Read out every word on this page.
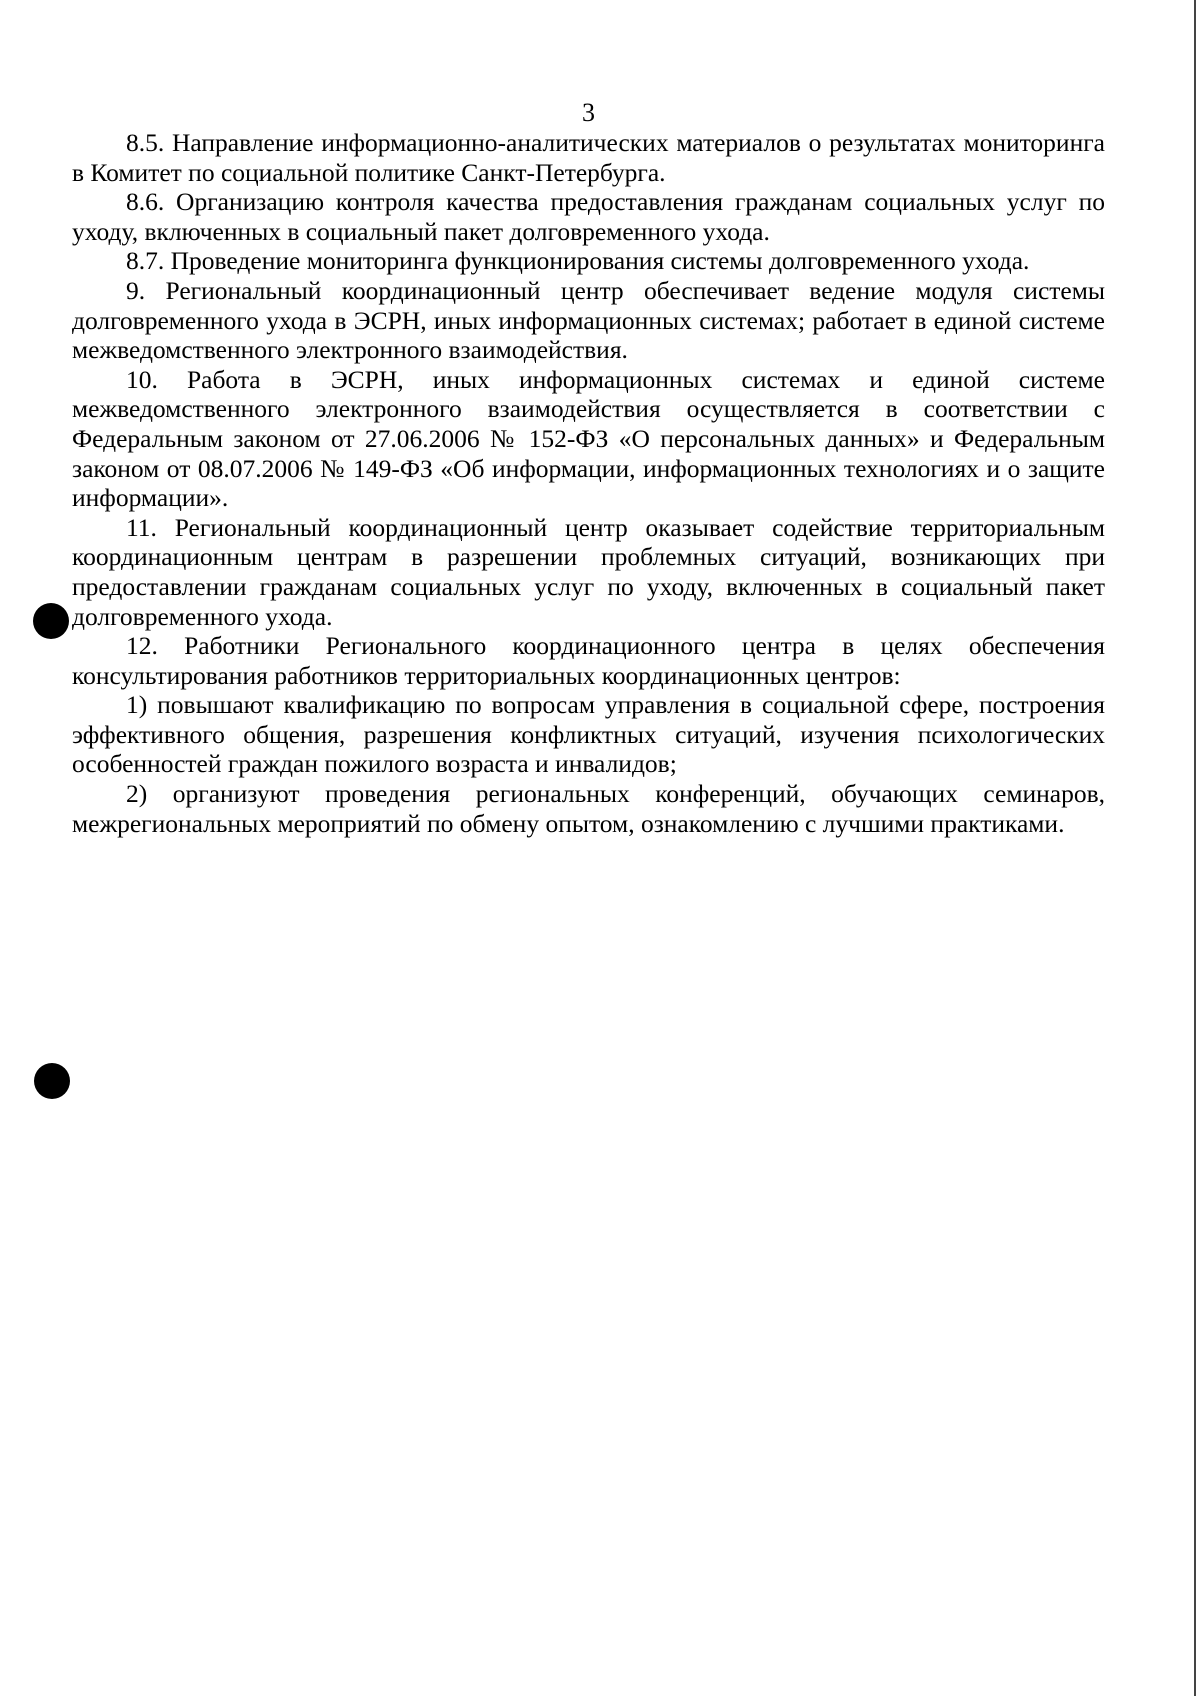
3

8.5. Направление информационно-аналитических материалов о результатах мониторинга в Комитет по социальной политике Санкт-Петербурга.

8.6. Организацию контроля качества предоставления гражданам социальных услуг по уходу, включенных в социальный пакет долговременного ухода.

8.7. Проведение мониторинга функционирования системы долговременного ухода.

9. Региональный координационный центр обеспечивает ведение модуля системы долговременного ухода в ЭСРН, иных информационных системах; работает в единой системе межведомственного электронного взаимодействия.

10. Работа в ЭСРН, иных информационных системах и единой системе межведомственного электронного взаимодействия осуществляется в соответствии с Федеральным законом от 27.06.2006 № 152-ФЗ «О персональных данных» и Федеральным законом от 08.07.2006 № 149-ФЗ «Об информации, информационных технологиях и о защите информации».

11. Региональный координационный центр оказывает содействие территориальным координационным центрам в разрешении проблемных ситуаций, возникающих при предоставлении гражданам социальных услуг по уходу, включенных в социальный пакет долговременного ухода.

12. Работники Регионального координационного центра в целях обеспечения консультирования работников территориальных координационных центров:

1) повышают квалификацию по вопросам управления в социальной сфере, построения эффективного общения, разрешения конфликтных ситуаций, изучения психологических особенностей граждан пожилого возраста и инвалидов;

2) организуют проведения региональных конференций, обучающих семинаров, межрегиональных мероприятий по обмену опытом, ознакомлению с лучшими практиками.
